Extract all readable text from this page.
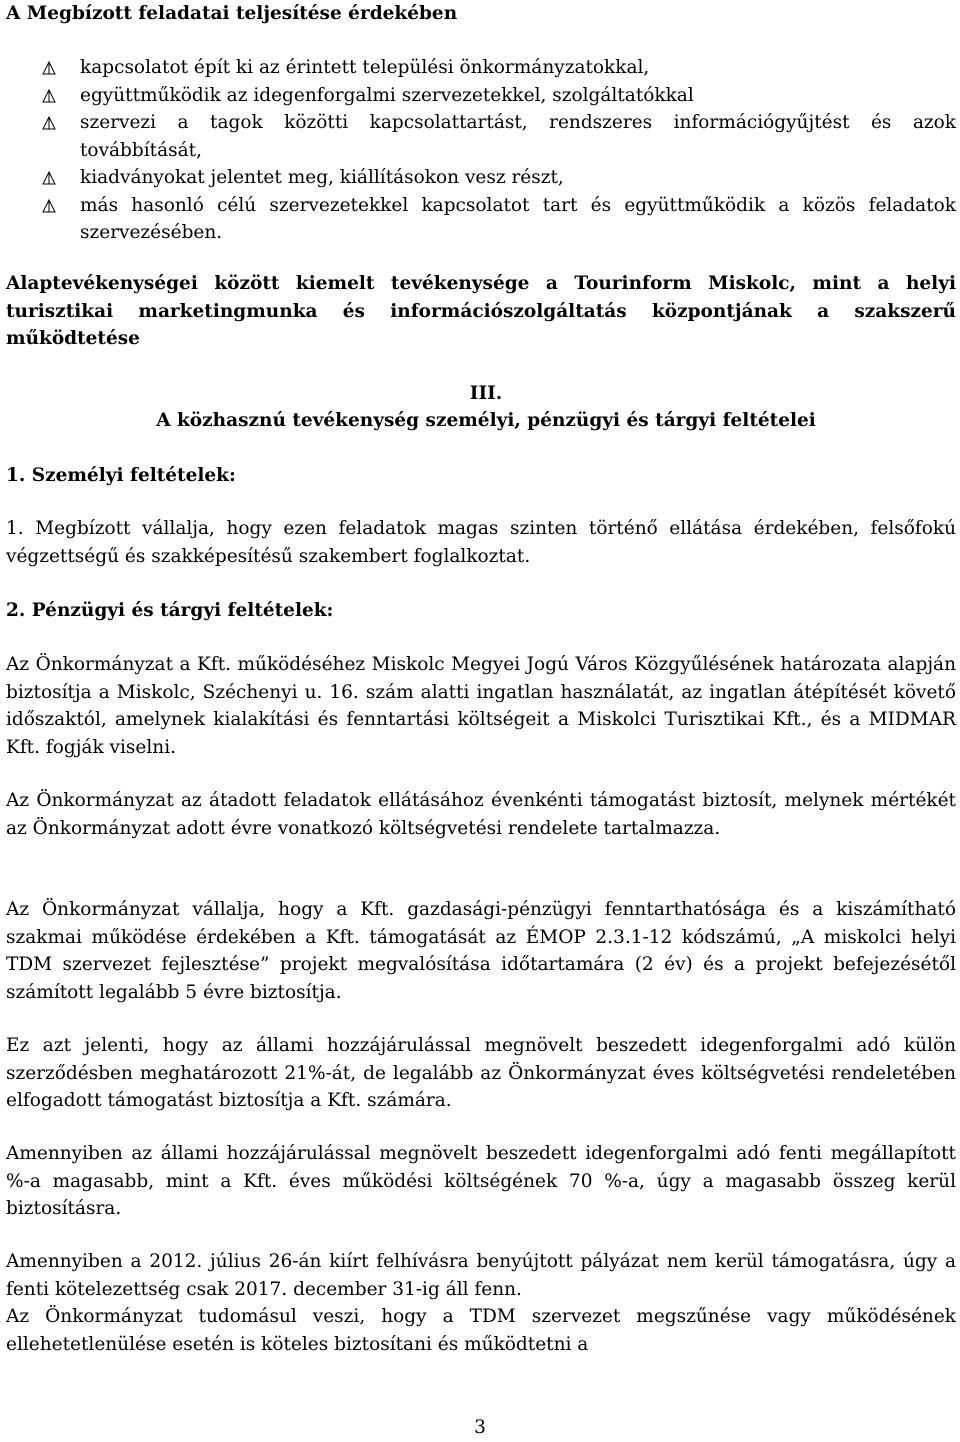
A Megbízott feladatai teljesítése érdekében

kapcsolatot épít ki az érintett települési önkormányzatokkal,
együttműködik az idegenforgalmi szervezetekkel, szolgáltatókkal
szervezi a tagok közötti kapcsolattartást, rendszeres információgyűjtést és azok továbbítását,
kiadványokat jelentet meg, kiállításokon vesz részt,
más hasonló célú szervezetekkel kapcsolatot tart és együttműködik a közös feladatok szervezésében.

Alaptevékenységei között kiemelt tevékenysége a Tourinform Miskolc, mint a helyi turisztikai marketingmunka és információszolgáltatás központjának a szakszerű működtetése

III.

A közhasznú tevékenység személyi, pénzügyi és tárgyi feltételei

1. Személyi feltételek:

1. Megbízott vállalja, hogy ezen feladatok magas szinten történő ellátása érdekében, felsőfokú végzettségű és szakképesítésű szakembert foglalkoztat.

2. Pénzügyi és tárgyi feltételek:

Az Önkormányzat a Kft. működéséhez Miskolc Megyei Jogú Város Közgyűlésének határozata alapján biztosítja a Miskolc, Széchenyi u. 16. szám alatti ingatlan használatát, az ingatlan átépítését követő időszaktól, amelynek kialakítási és fenntartási költségeit a Miskolci Turisztikai Kft., és a MIDMAR Kft. fogják viselni.

Az Önkormányzat az átadott feladatok ellátásához évenkénti támogatást biztosít, melynek mértékét az Önkormányzat adott évre vonatkozó költségvetési rendelete tartalmazza.

Az Önkormányzat vállalja, hogy a Kft. gazdasági-pénzügyi fenntarthatósága és a kiszámítható szakmai működése érdekében a Kft. támogatását az ÉMOP 2.3.1-12 kódszámú, „A miskolci helyi TDM szervezet fejlesztése” projekt megvalósítása időtartamára (2 év) és a projekt befejezésétől számított legalább 5 évre biztosítja.

Ez azt jelenti, hogy az állami hozzájárulással megnövelt beszedett idegenforgalmi adó külön szerződésben meghatározott 21%-át, de legalább az Önkormányzat éves költségvetési rendeletében elfogadott támogatást biztosítja a Kft. számára.

Amennyiben az állami hozzájárulással megnövelt beszedett idegenforgalmi adó fenti megállapított %-a magasabb, mint a Kft. éves működési költségének 70 %-a, úgy a magasabb összeg kerül biztosításra.

Amennyiben a 2012. július 26-án kiírt felhívásra benyújtott pályázat nem kerül támogatásra, úgy a fenti kötelezettség csak 2017. december 31-ig áll fenn.

Az Önkormányzat tudomásul veszi, hogy a TDM szervezet megszűnése vagy működésének ellehetetlenülése esetén is köteles biztosítani és működtetni a

3
